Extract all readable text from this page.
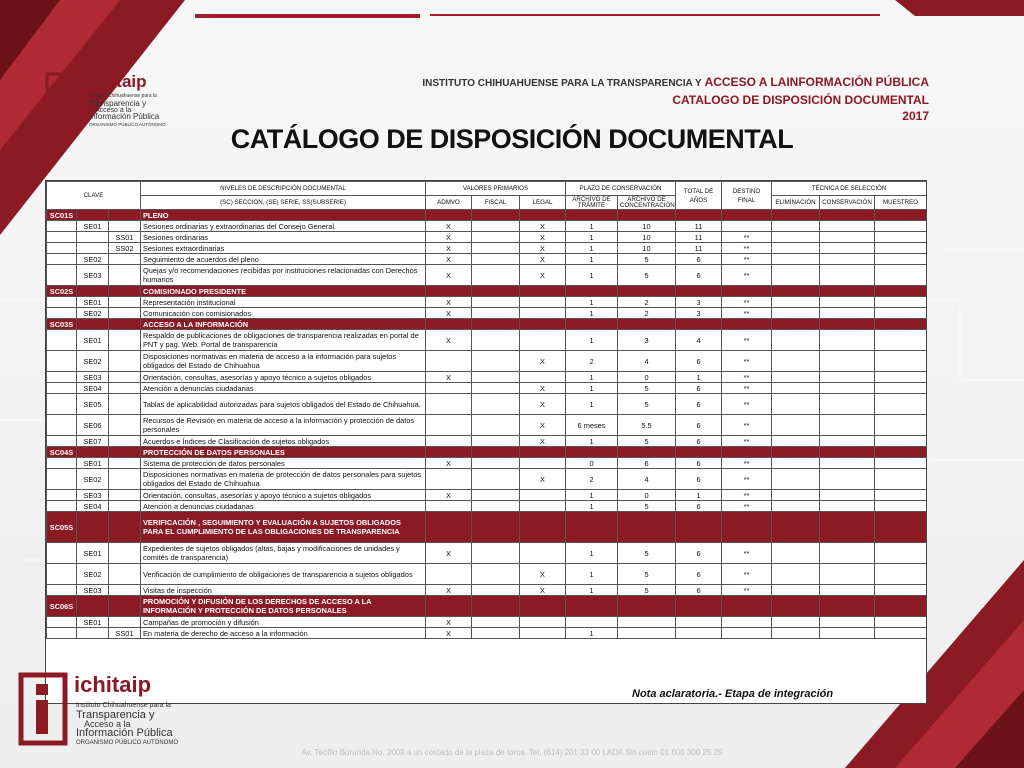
ichitaip
Instituto Chihuahuense para la
Transparencia y
Acceso a la
Información Pública
ORGANISMO PÚBLICO AUTÓNOMO
INSTITUTO CHIHUAHUENSE PARA LA TRANSPARENCIA Y ACCESO A LAINFORMACIÓN PÚBLICA
CATALOGO DE DISPOSICIÓN DOCUMENTAL
2017
CATÁLOGO DE DISPOSICIÓN DOCUMENTAL
CLAVE			NIVELES DE DESCRIPCIÓN DOCUMENTAL	VALORES PRIMARIOS			PLAZO DE CONSERVACIÓN		TOTAL DE AÑOS	DESTINO FINAL	TÉCNICA DE SELECCIÓN		
			(SC) SECCION, (SE) SERIE, SS(SUBSERIE)	ADMVO	FISCAL	LEGAL	ARCHIVO DE TRÁMITE	ARCHIVO DE CONCENTRACIÓN			ELIMINACIÓN	CONSERVACIÓN	MUESTREO
SC01S			PLENO										
	SE01		Sesiones ordinarias y extraordinarias del Consejo General.	X		X	1	10	11				
		SS01	Sesiones ordinarias	X		X	1	10	11	**			
		SS02	Sesiones extraordinarias	X		X	1	10	11	**			
	SE02		Seguimiento de acuerdos del pleno	X		X	1	5	6	**			
	SE03		Quejas y/o recomendaciones recibidas por instituciones relacionadas con Derechos humanos	X		X	1	5	6	**			
SC02S			COMISIONADO PRESIDENTE										
	SE01		Representación institucional	X			1	2	3	**			
	SE02		Comunicación con comisionados	X			1	2	3	**			
SC03S			ACCESO A LA INFORMACIÓN										
	SE01		Respaldo de publicaciones de obligaciones de transparencia realizadas en portal de PNT y pag. Web. Portal de transparencia	X			1	3	4	**			
	SE02		Disposiciones normativas en materia de acceso a la información para sujetos obligados del Estado de Chihuahua			X	2	4	6	**			
	SE03		Orientación, consultas, asesorías y apoyo técnico a sujetos obligados	X			1	0	1	**			
	SE04		Atención a denuncias ciudadanas			X	1	5	6	**			
	SE05		Tablas de aplicabilidad autorizadas para sujetos obligados del Estado de Chihuahua.			X	1	5	6	**			
	SE06		Recursos de Revisión en materia de acceso a la información y protección de datos personales			X	6 meses	5.5	6	**			
	SE07		Acuerdos e Índices de Clasificación de sujetos obligados			X	1	5	6	**			
SC04S			PROTECCIÓN DE DATOS PERSONALES										
	SE01		Sistema de protección de datos personales	X			0	6	6	**			
	SE02		Disposiciones normativas en materia de protección de datos personales para sujetos obligados del Estado de Chihuahua			X	2	4	6	**			
	SE03		Orientación, consultas, asesorías y apoyo técnico a sujetos obligados	X			1	0	1	**			
	SE04		Atención a denuncias ciudadanas				1	5	6	**			
SC05S			VERIFICACIÓN , SEGUIMIENTO Y EVALUACIÓN A SUJETOS OBLIGADOS PARA EL CUMPLIMIENTO DE LAS OBLIGACIONES DE TRANSPARENCIA										
	SE01		Expedientes de sujetos obligados (altas, bajas y modificaciones de unidades y comités de transparencia)	X			1	5	6	**			
	SE02		Verificación de cumplimiento de obligaciones de transparencia a sujetos obligados			X	1	5	6	**			
	SE03		Visitas de inspección	X		X	1	5	6	**			
SC06S			PROMOCIÓN Y DIFUSIÓN DE LOS DERECHOS DE ACCESO A LA INFORMACIÓN Y PROTECCIÓN DE DATOS PERSONALES										
	SE01		Campañas de promoción y difusión	X									
		SS01	En materia de derecho de acceso a la información	X			1						
Nota aclaratoria.- Etapa de integración
ichitaip
Instituto Chihuahuense para la
Transparencia y
Acceso a la
Información Pública
ORGANISMO PÚBLICO AUTÓNOMO
Av. Teófilo Borunda No. 2009 a un costado de la plaza de toros. Tel. (614) 201 33 00 LADA Sin costo 01 800 300 25 25
